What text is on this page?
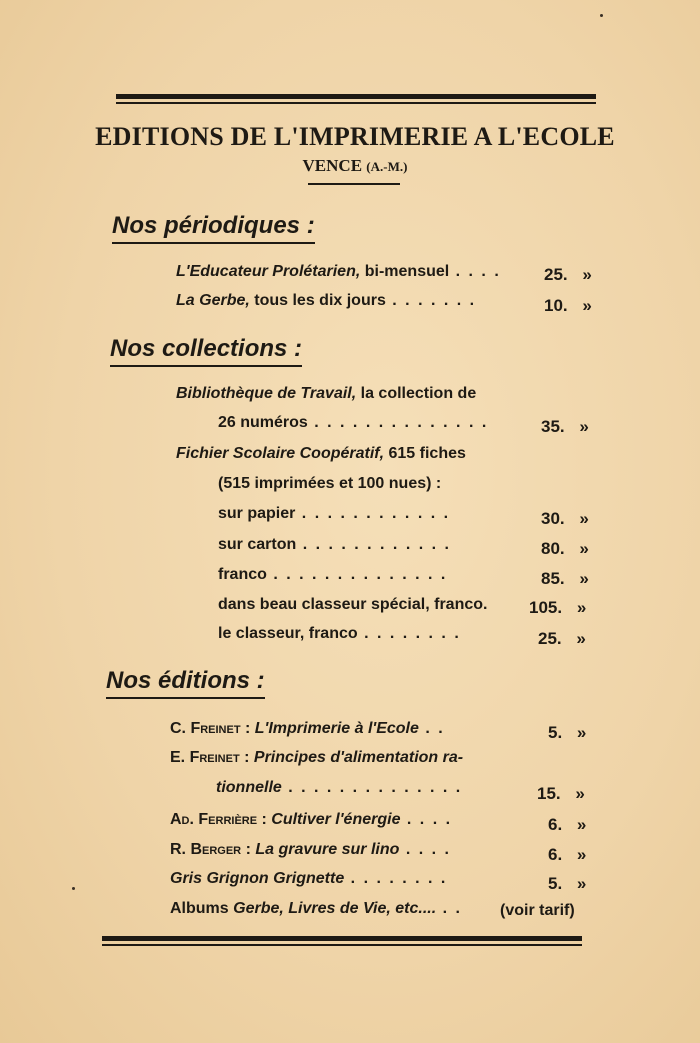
EDITIONS DE L'IMPRIMERIE A L'ECOLE
VENCE (A.-M.)
Nos périodiques :
L'Educateur Prolétarien, bi-mensuel . . . .	25. »
La Gerbe, tous les dix jours . . . . . . .	10. »
Nos collections :
Bibliothèque de Travail, la collection de
26 numéros . . . . . . . . . . . . . .	35. »
Fichier Scolaire Coopératif, 615 fiches
(515 imprimées et 100 nues) :
sur papier . . . . . . . . . . . .	30. »
sur carton . . . . . . . . . . . .	80. »
franco . . . . . . . . . . . . . .	85. »
dans beau classeur spécial, franco. 105. »
le classeur, franco . . . . . . . .	25. »
Nos éditions :
C. Freinet : L'Imprimerie à l'Ecole . .	5. »
E. Freinet : Principes d'alimentation ra-
tionnelle . . . . . . . . . . . . . .	15. »
Ad. Ferrière : Cultiver l'énergie . . . .	6. »
R. Berger : La gravure sur lino . . . .	6. »
Gris Grignon Grignette . . . . . . . .	5. »
Albums Gerbe, Livres de Vie, etc.... . . (voir tarif)
